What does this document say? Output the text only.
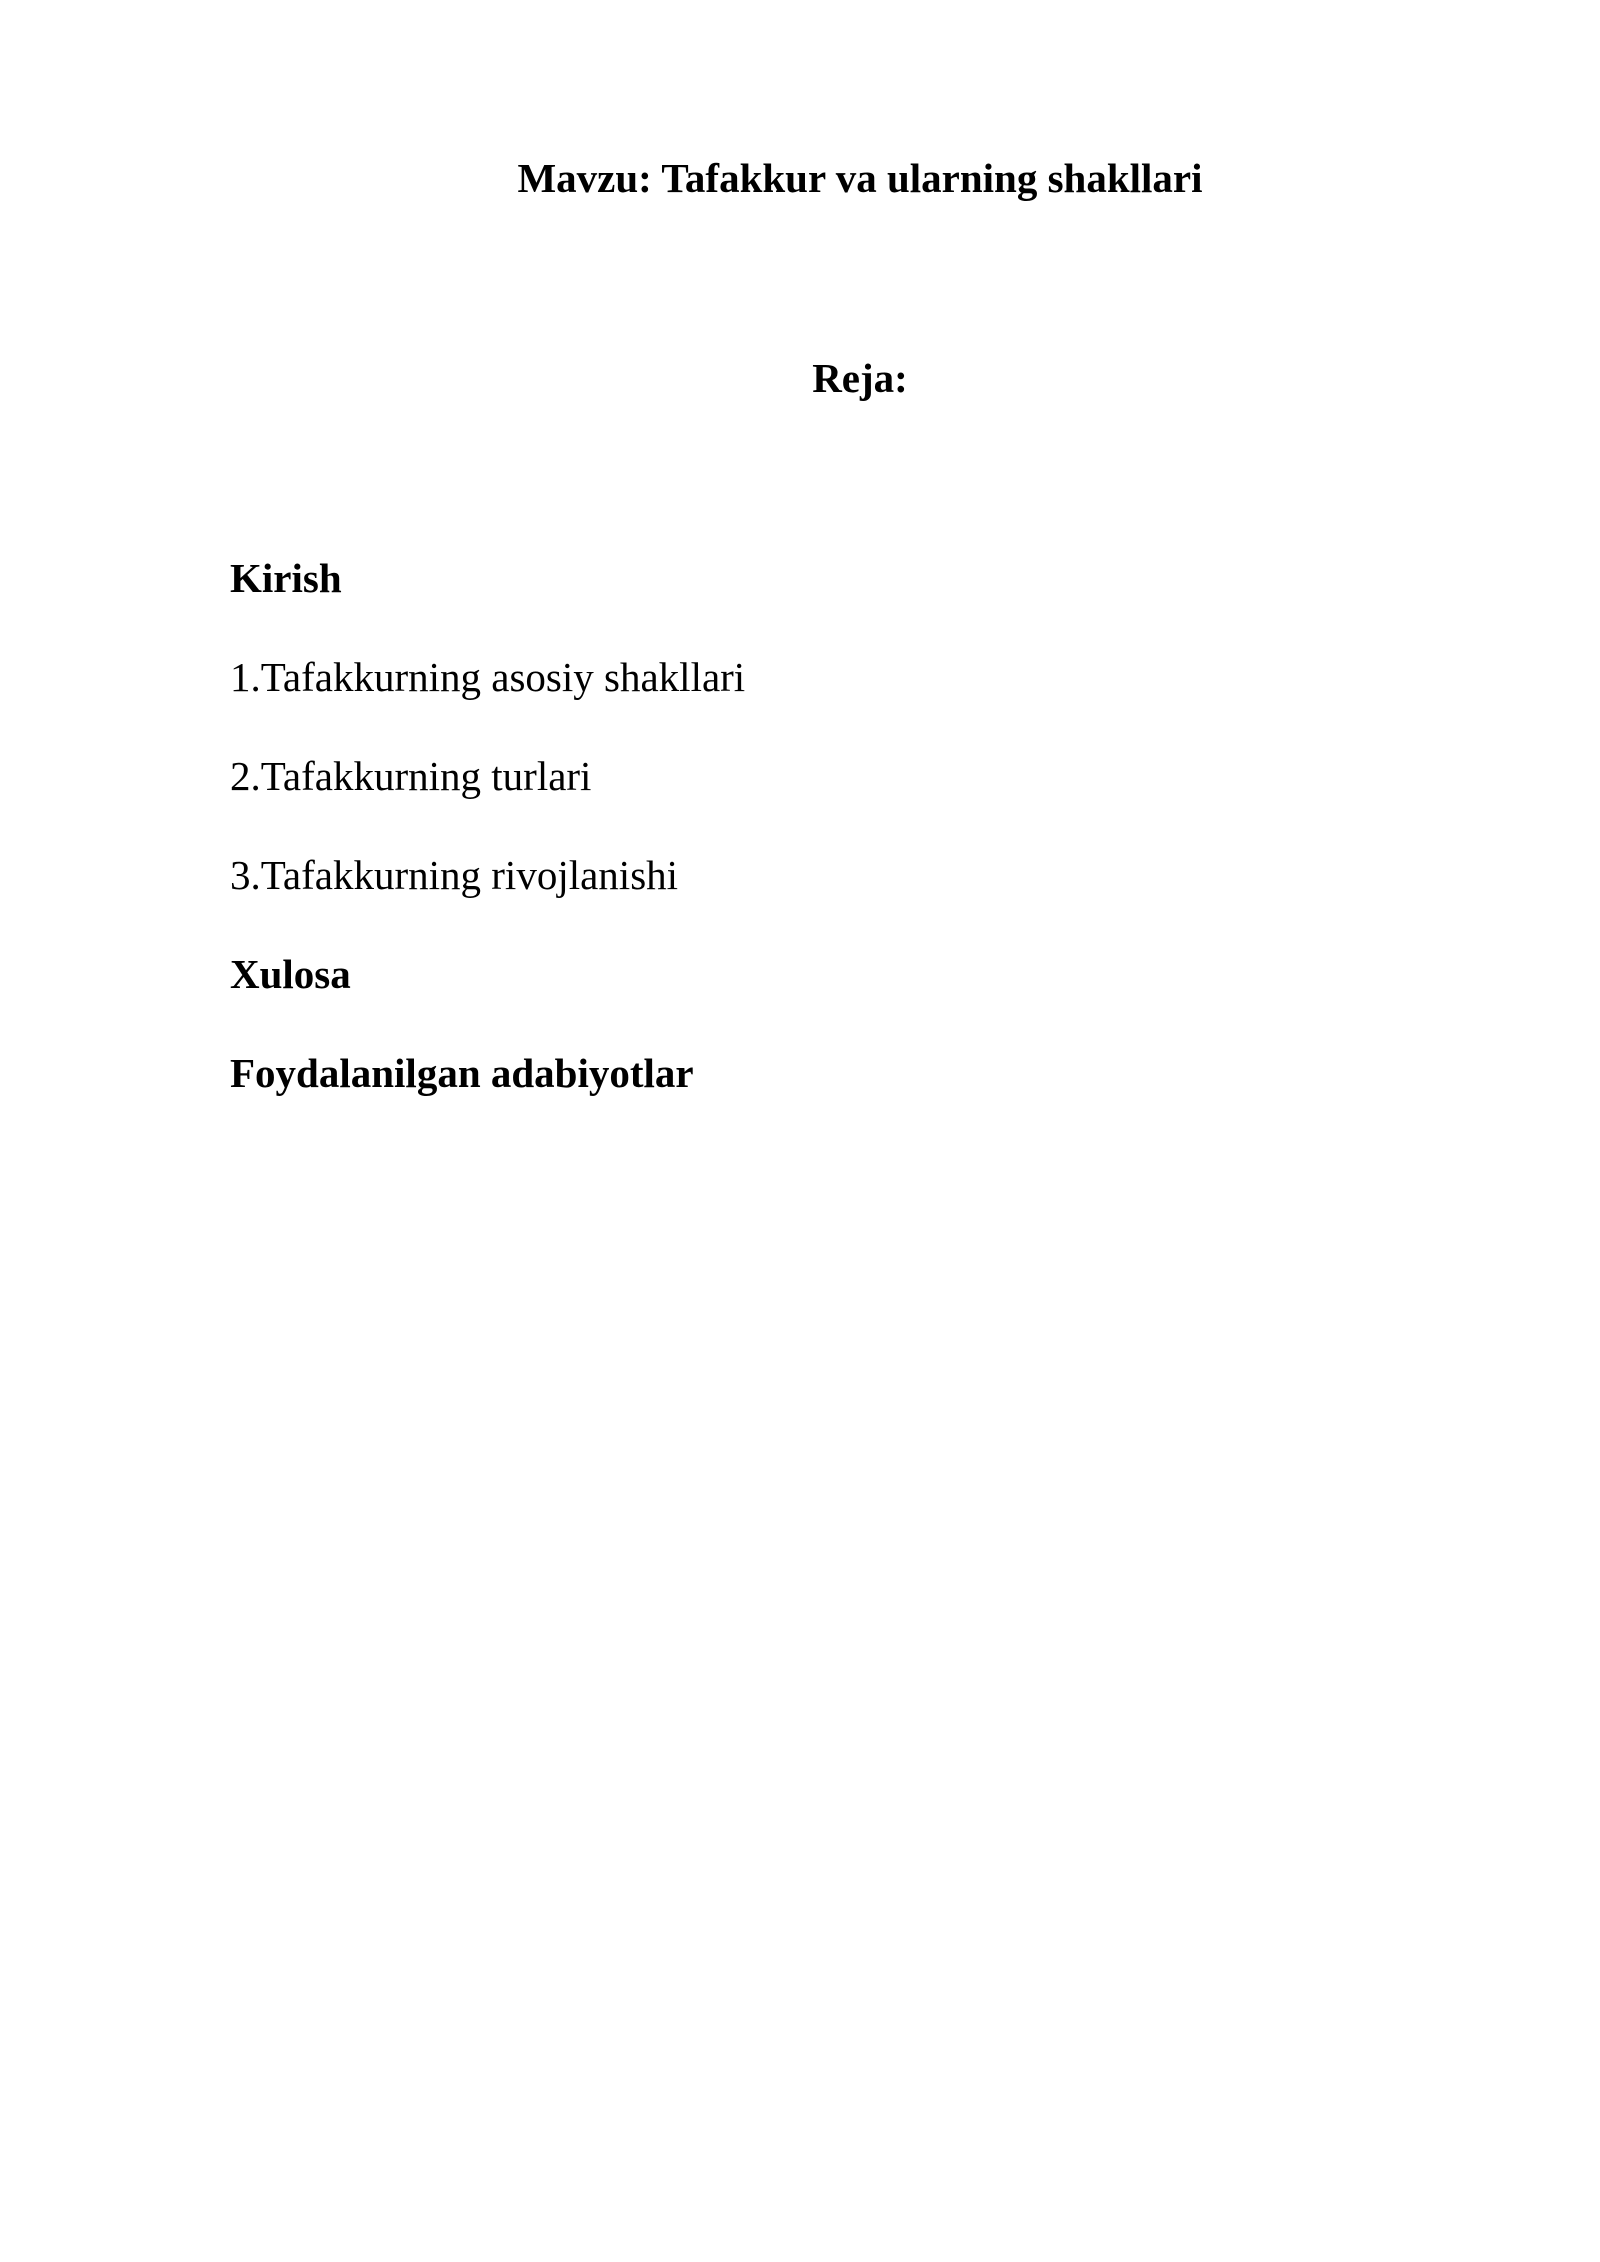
Mavzu: Tafakkur va ularning shakllari
Reja:
Kirish
1.Tafakkurning asosiy shakllari
2.Tafakkurning turlari
3.Tafakkurning rivojlanishi
Xulosa
Foydalanilgan adabiyotlar
